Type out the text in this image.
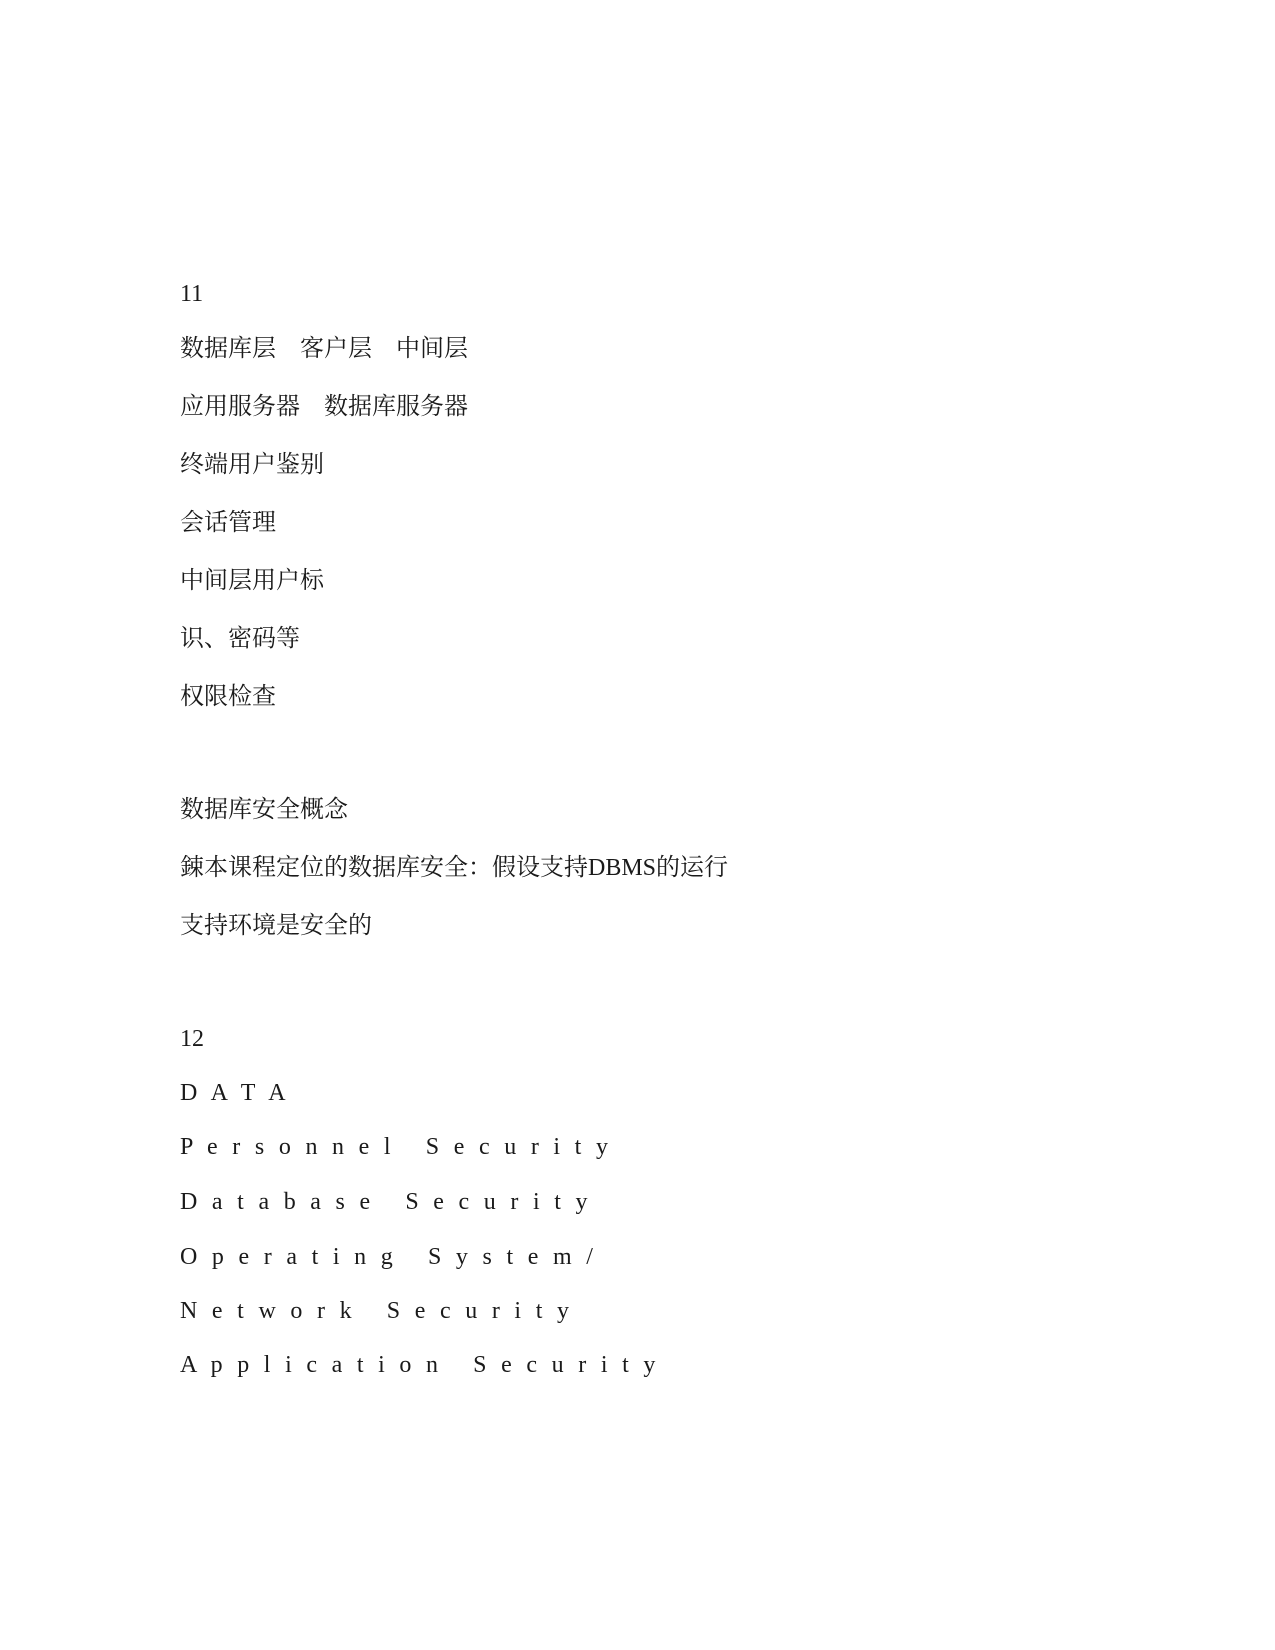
11
数据库层　客户层　中间层
应用服务器　数据库服务器
终端用户鉴别
会话管理
中间层用户标
识、密码等
权限检查
数据库安全概念
鋉本课程定位的数据库安全：假设支持DBMS的运行
支持环境是安全的
12
D A T A
P e r s o n n e l   S e c u r i t y
D a t a b a s e   S e c u r i t y
O p e r a t i n g   S y s t e m /
N e t w o r k   S e c u r i t y
A p p l i c a t i o n   S e c u r i t y
